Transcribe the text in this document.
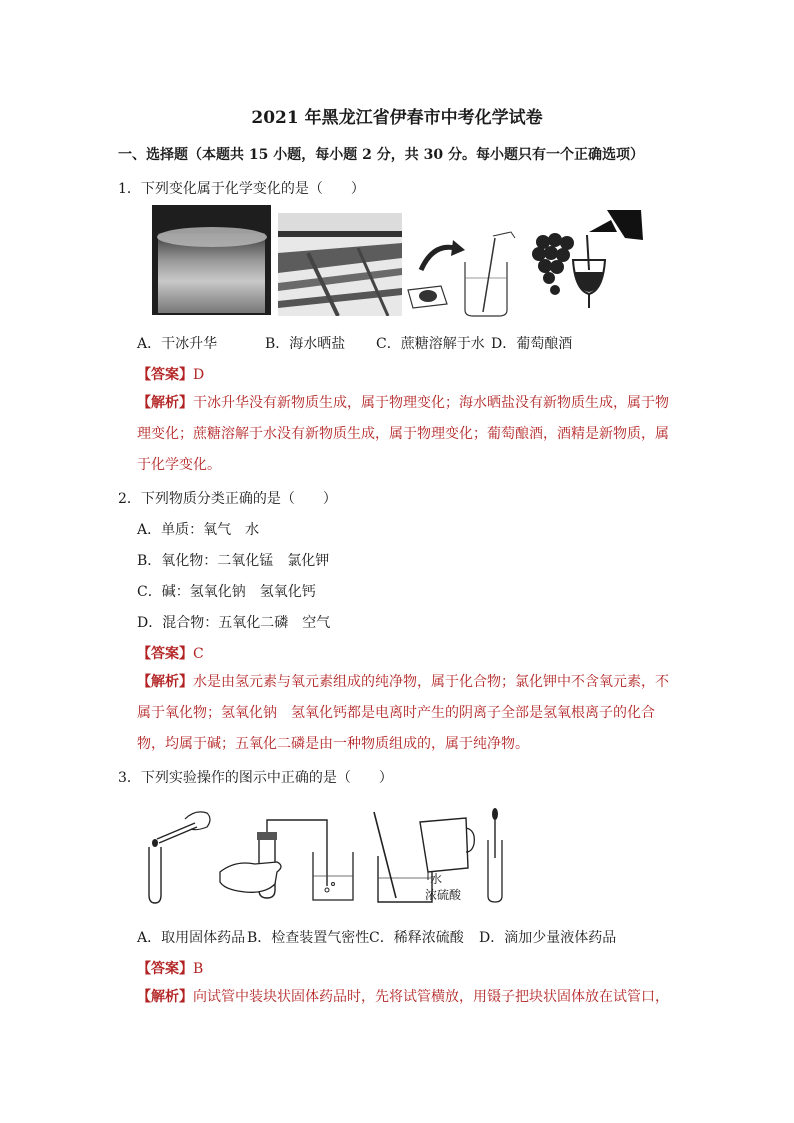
2021 年黑龙江省伊春市中考化学试卷
一、选择题（本题共 15 小题，每小题 2 分，共 30 分。每小题只有一个正确选项）
1．下列变化属于化学变化的是（　　）
A．干冰升华	B．海水晒盐 C．蔗糖溶解于水 D．葡萄酿酒
【答案】D
【解析】干冰升华没有新物质生成，属于物理变化；海水晒盐没有新物质生成，属于物理变化；蔗糖溶解于水没有新物质生成，属于物理变化；葡萄酿酒，酒精是新物质，属于化学变化。
2．下列物质分类正确的是（　　）
A．单质：氧气　水
B．氧化物：二氧化锰　氯化钾
C．碱：氢氧化钠　氢氧化钙
D．混合物：五氧化二磷　空气
【答案】C
【解析】水是由氢元素与氧元素组成的纯净物，属于化合物；氯化钾中不含氧元素，不属于氧化物；氢氧化钠　氢氧化钙都是电离时产生的阴离子全部是氢氧根离子的化合物，均属于碱；五氧化二磷是由一种物质组成的，属于纯净物。
3．下列实验操作的图示中正确的是（　　）
水
浓硫酸
A．取用固体药品 B．检查装置气密性C．稀释浓硫酸 D．滴加少量液体药品
【答案】B
【解析】向试管中装块状固体药品时，先将试管横放，用镊子把块状固体放在试管口，
